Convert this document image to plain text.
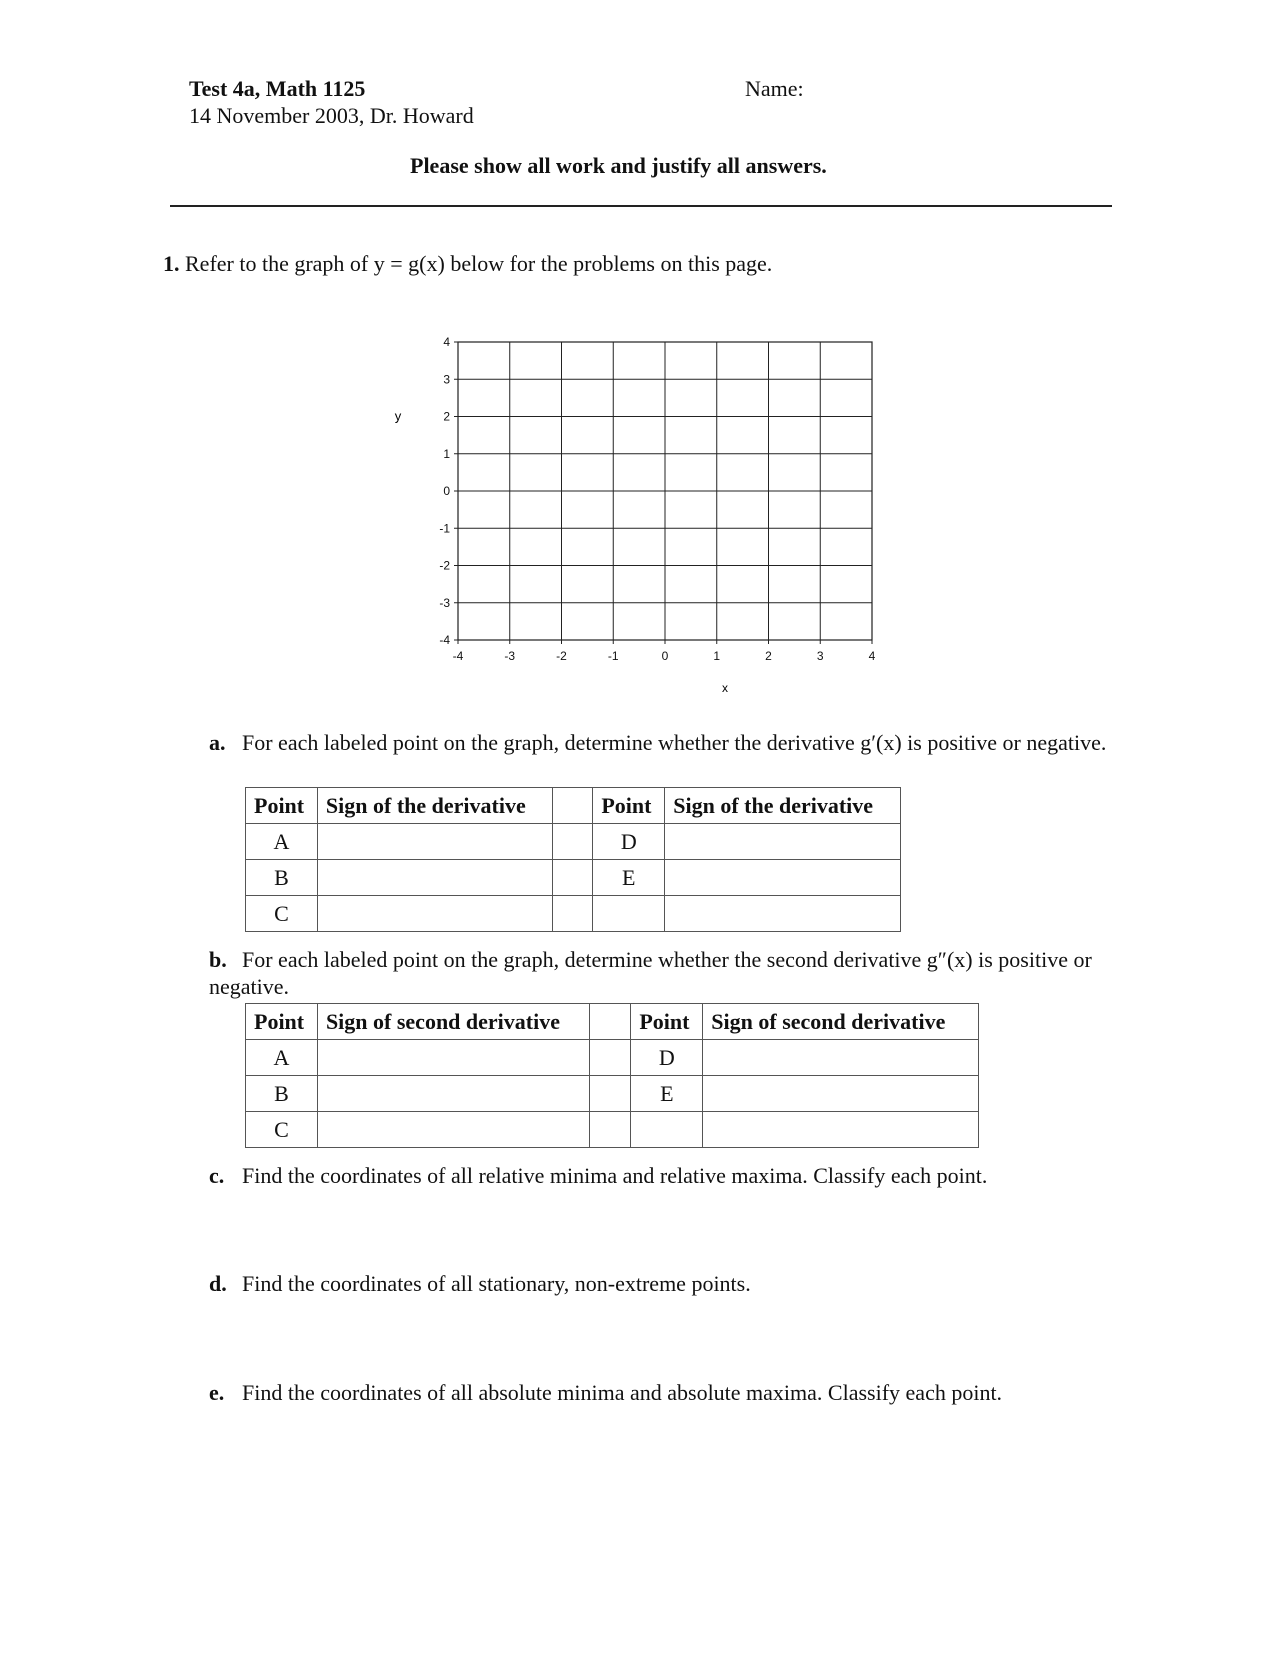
Test 4a, Math 1125
14 November 2003, Dr. Howard
Name:
Please show all work and justify all answers.
1. Refer to the graph of y = g(x) below for the problems on this page.
-4	-3	-2	-1	0	1	2	3	4
4
3
2
1
0
-1
-2
-3
-4
x
y
a. For each labeled point on the graph, determine whether the derivative g′(x) is positive or negative.
Point	Sign of the derivative		Point	Sign of the derivative
A			D	
B			E	
C				
b. For each labeled point on the graph, determine whether the second derivative g″(x) is positive or negative.
Point	Sign of second derivative		Point	Sign of second derivative
A			D	
B			E	
C				
c. Find the coordinates of all relative minima and relative maxima. Classify each point.
d. Find the coordinates of all stationary, non-extreme points.
e. Find the coordinates of all absolute minima and absolute maxima. Classify each point.
